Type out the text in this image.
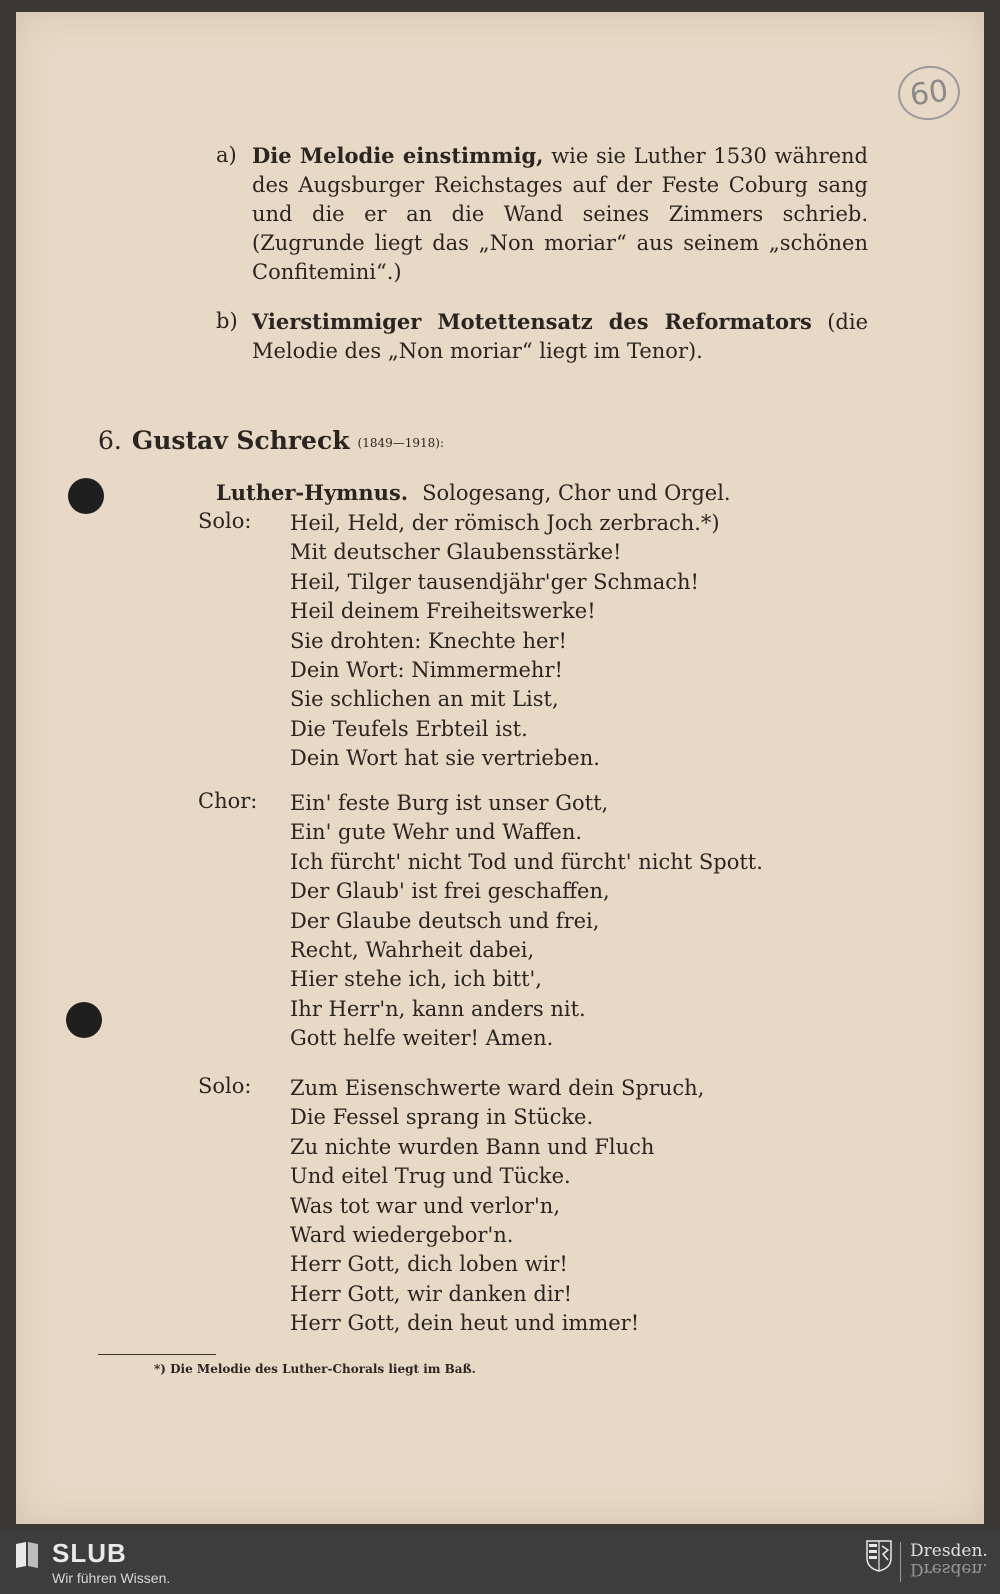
60
a) Die Melodie einstimmig, wie sie Luther 1530 während des Augsburger Reichstages auf der Feste Coburg sang und die er an die Wand seines Zimmers schrieb. (Zugrunde liegt das „Non moriar“ aus seinem „schönen Confitemini“.)
b) Vierstimmiger Motettensatz des Reformators (die Melodie des „Non moriar“ liegt im Tenor).
6. Gustav Schreck (1849—1918):
Luther-Hymnus. Sologesang, Chor und Orgel.
Solo: Heil, Held, der römisch Joch zerbrach.*)
Mit deutscher Glaubensstärke!
Heil, Tilger tausendjähr'ger Schmach!
Heil deinem Freiheitswerke!
Sie drohten: Knechte her!
Dein Wort: Nimmermehr!
Sie schlichen an mit List,
Die Teufels Erbteil ist.
Dein Wort hat sie vertrieben.
Chor: Ein' feste Burg ist unser Gott,
Ein' gute Wehr und Waffen.
Ich fürcht' nicht Tod und fürcht' nicht Spott.
Der Glaub' ist frei geschaffen,
Der Glaube deutsch und frei,
Recht, Wahrheit dabei,
Hier stehe ich, ich bitt',
Ihr Herr'n, kann anders nit.
Gott helfe weiter! Amen.
Solo: Zum Eisenschwerte ward dein Spruch,
Die Fessel sprang in Stücke.
Zu nichte wurden Bann und Fluch
Und eitel Trug und Tücke.
Was tot war und verlor'n,
Ward wiedergebor'n.
Herr Gott, dich loben wir!
Herr Gott, wir danken dir!
Herr Gott, dein heut und immer!
*) Die Melodie des Luther-Chorals liegt im Baß.
SLUB
Wir führen Wissen.
Dresden.
Dresden.
